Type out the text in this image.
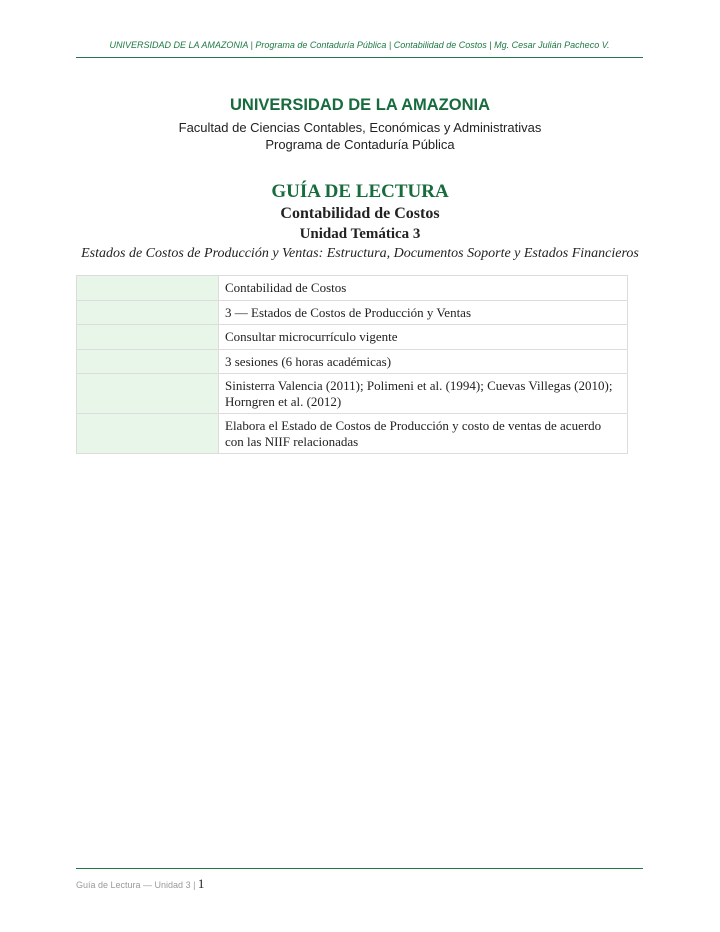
UNIVERSIDAD DE LA AMAZONIA | Programa de Contaduría Pública | Contabilidad de Costos | Mg. Cesar Julián Pacheco V.
UNIVERSIDAD DE LA AMAZONIA
Facultad de Ciencias Contables, Económicas y Administrativas
Programa de Contaduría Pública
GUÍA DE LECTURA
Contabilidad de Costos
Unidad Temática 3
Estados de Costos de Producción y Ventas: Estructura, Documentos Soporte y Estados Financieros
	Contabilidad de Costos
	3 — Estados de Costos de Producción y Ventas
	Consultar microcurrículo vigente
	3 sesiones (6 horas académicas)
	Sinisterra Valencia (2011); Polimeni et al. (1994); Cuevas Villegas (2010); Horngren et al. (2012)
	Elabora el Estado de Costos de Producción y costo de ventas de acuerdo con las NIIF relacionadas
Guía de Lectura — Unidad 3 | 1
